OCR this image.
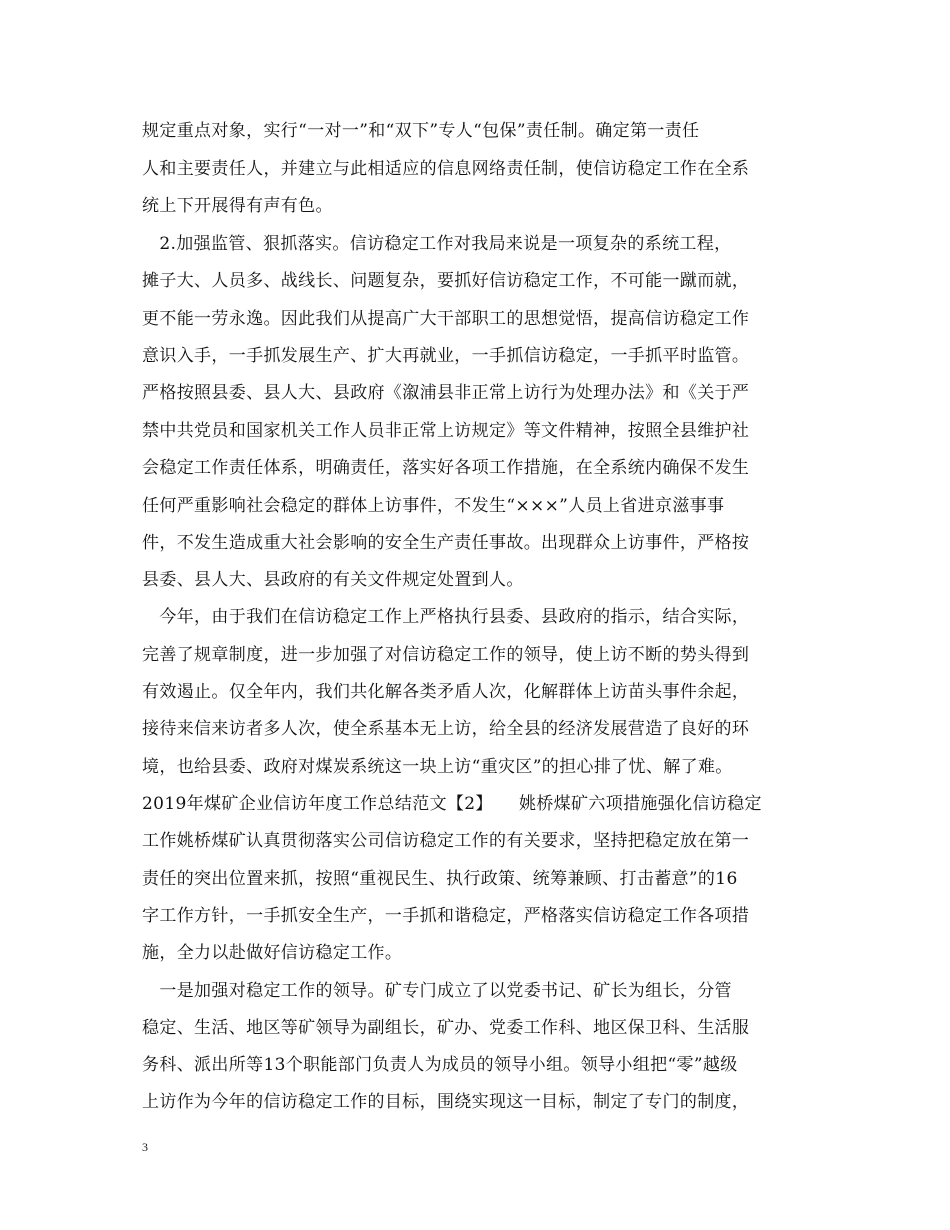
规定重点对象，实行“一对一”和“双下”专人“包保”责任制。确定第一责任
人和主要责任人，并建立与此相适应的信息网络责任制，使信访稳定工作在全系
统上下开展得有声有色。
　2.加强监管、狠抓落实。信访稳定工作对我局来说是一项复杂的系统工程，
摊子大、人员多、战线长、问题复杂，要抓好信访稳定工作，不可能一蹴而就，
更不能一劳永逸。因此我们从提高广大干部职工的思想觉悟，提高信访稳定工作
意识入手，一手抓发展生产、扩大再就业，一手抓信访稳定，一手抓平时监管。
严格按照县委、县人大、县政府《溆浦县非正常上访行为处理办法》和《关于严
禁中共党员和国家机关工作人员非正常上访规定》等文件精神，按照全县维护社
会稳定工作责任体系，明确责任，落实好各项工作措施，在全系统内确保不发生
任何严重影响社会稳定的群体上访事件，不发生“×××”人员上省进京滋事事
件，不发生造成重大社会影响的安全生产责任事故。出现群众上访事件，严格按
县委、县人大、县政府的有关文件规定处置到人。
　今年，由于我们在信访稳定工作上严格执行县委、县政府的指示，结合实际，
完善了规章制度，进一步加强了对信访稳定工作的领导，使上访不断的势头得到
有效遏止。仅全年内，我们共化解各类矛盾人次，化解群体上访苗头事件余起，
接待来信来访者多人次，使全系基本无上访，给全县的经济发展营造了良好的环
境，也给县委、政府对煤炭系统这一块上访“重灾区”的担心排了忧、解了难。
2019年煤矿企业信访年度工作总结范文【2】　　姚桥煤矿六项措施强化信访稳定
工作姚桥煤矿认真贯彻落实公司信访稳定工作的有关要求，坚持把稳定放在第一
责任的突出位置来抓，按照“重视民生、执行政策、统筹兼顾、打击蓄意”的16
字工作方针，一手抓安全生产，一手抓和谐稳定，严格落实信访稳定工作各项措
施，全力以赴做好信访稳定工作。
　一是加强对稳定工作的领导。矿专门成立了以党委书记、矿长为组长，分管
稳定、生活、地区等矿领导为副组长，矿办、党委工作科、地区保卫科、生活服
务科、派出所等13个职能部门负责人为成员的领导小组。领导小组把“零”越级
上访作为今年的信访稳定工作的目标，围绕实现这一目标，制定了专门的制度，
3
